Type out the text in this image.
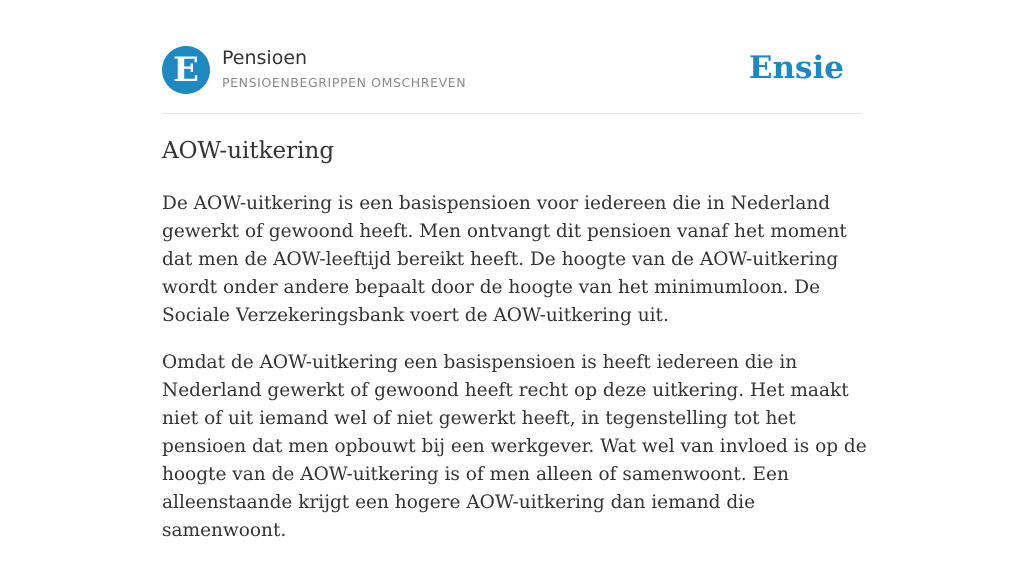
E	Pensioen
PENSIOENBEGRIPPEN OMSCHREVEN	Ensie
AOW-uitkering

De AOW-uitkering is een basispensioen voor iedereen die in Nederland gewerkt of gewoond heeft. Men ontvangt dit pensioen vanaf het moment dat men de AOW-leeftijd bereikt heeft. De hoogte van de AOW-uitkering wordt onder andere bepaalt door de hoogte van het minimumloon. De Sociale Verzekeringsbank voert de AOW-uitkering uit.

Omdat de AOW-uitkering een basispensioen is heeft iedereen die in Nederland gewerkt of gewoond heeft recht op deze uitkering. Het maakt niet of uit iemand wel of niet gewerkt heeft, in tegenstelling tot het pensioen dat men opbouwt bij een werkgever. Wat wel van invloed is op de hoogte van de AOW-uitkering is of men alleen of samenwoont. Een alleenstaande krijgt een hogere AOW-uitkering dan iemand die samenwoont.
